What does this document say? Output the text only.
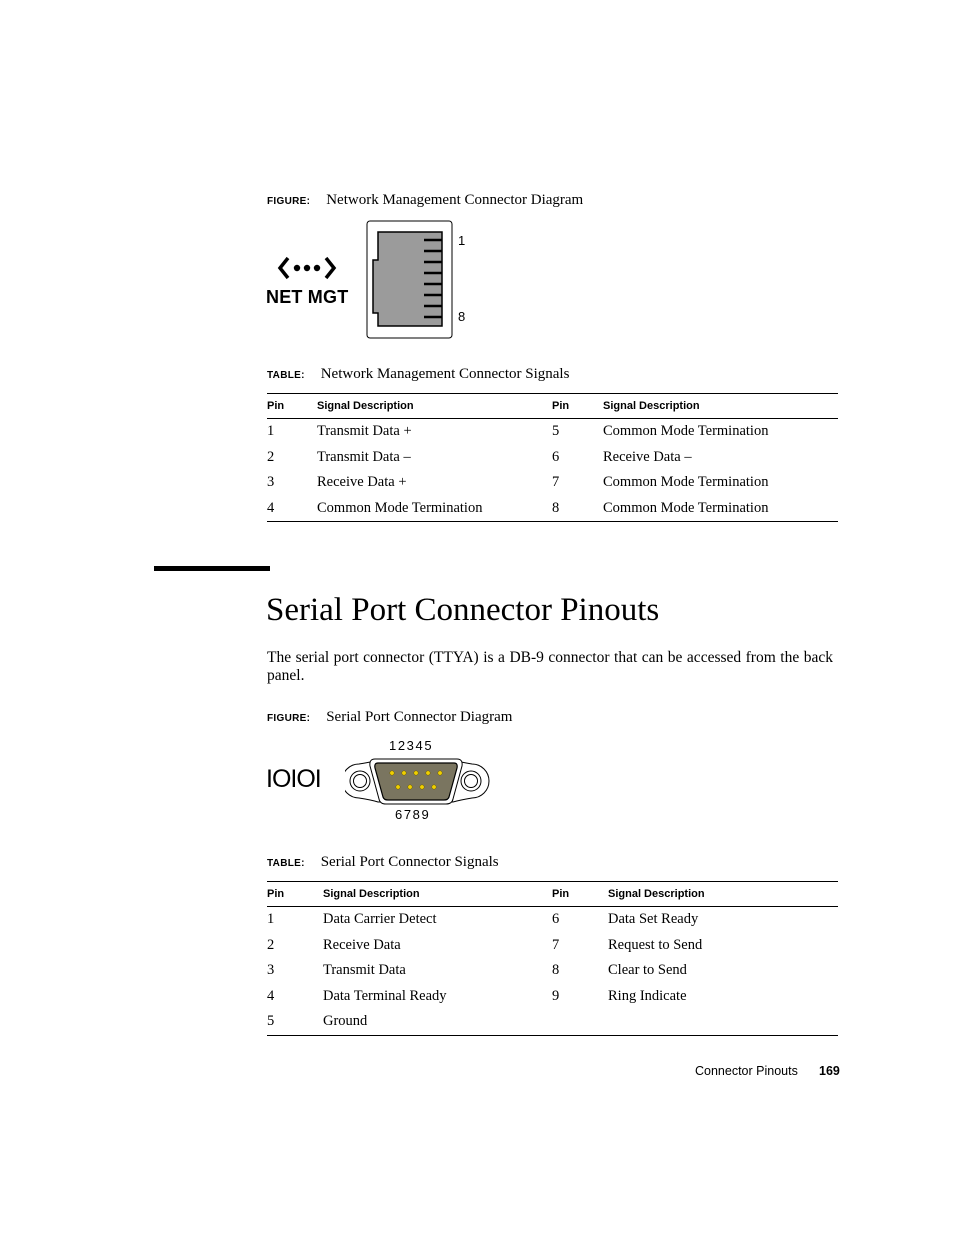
FIGURE: Network Management Connector Diagram
NET MGT
1
8
TABLE: Network Management Connector Signals
Pin	Signal Description	Pin	Signal Description
1	Transmit Data +	5	Common Mode Termination
2	Transmit Data –	6	Receive Data –
3	Receive Data +	7	Common Mode Termination
4	Common Mode Termination	8	Common Mode Termination
Serial Port Connector Pinouts
The serial port connector (TTYA) is a DB-9 connector that can be accessed from the back panel.
FIGURE: Serial Port Connector Diagram
IOIOI
1 2 3 4 5
6 7 8 9
TABLE: Serial Port Connector Signals
Pin	Signal Description	Pin	Signal Description
1	Data Carrier Detect	6	Data Set Ready
2	Receive Data	7	Request to Send
3	Transmit Data	8	Clear to Send
4	Data Terminal Ready	9	Ring Indicate
5	Ground		
Connector Pinouts 169
